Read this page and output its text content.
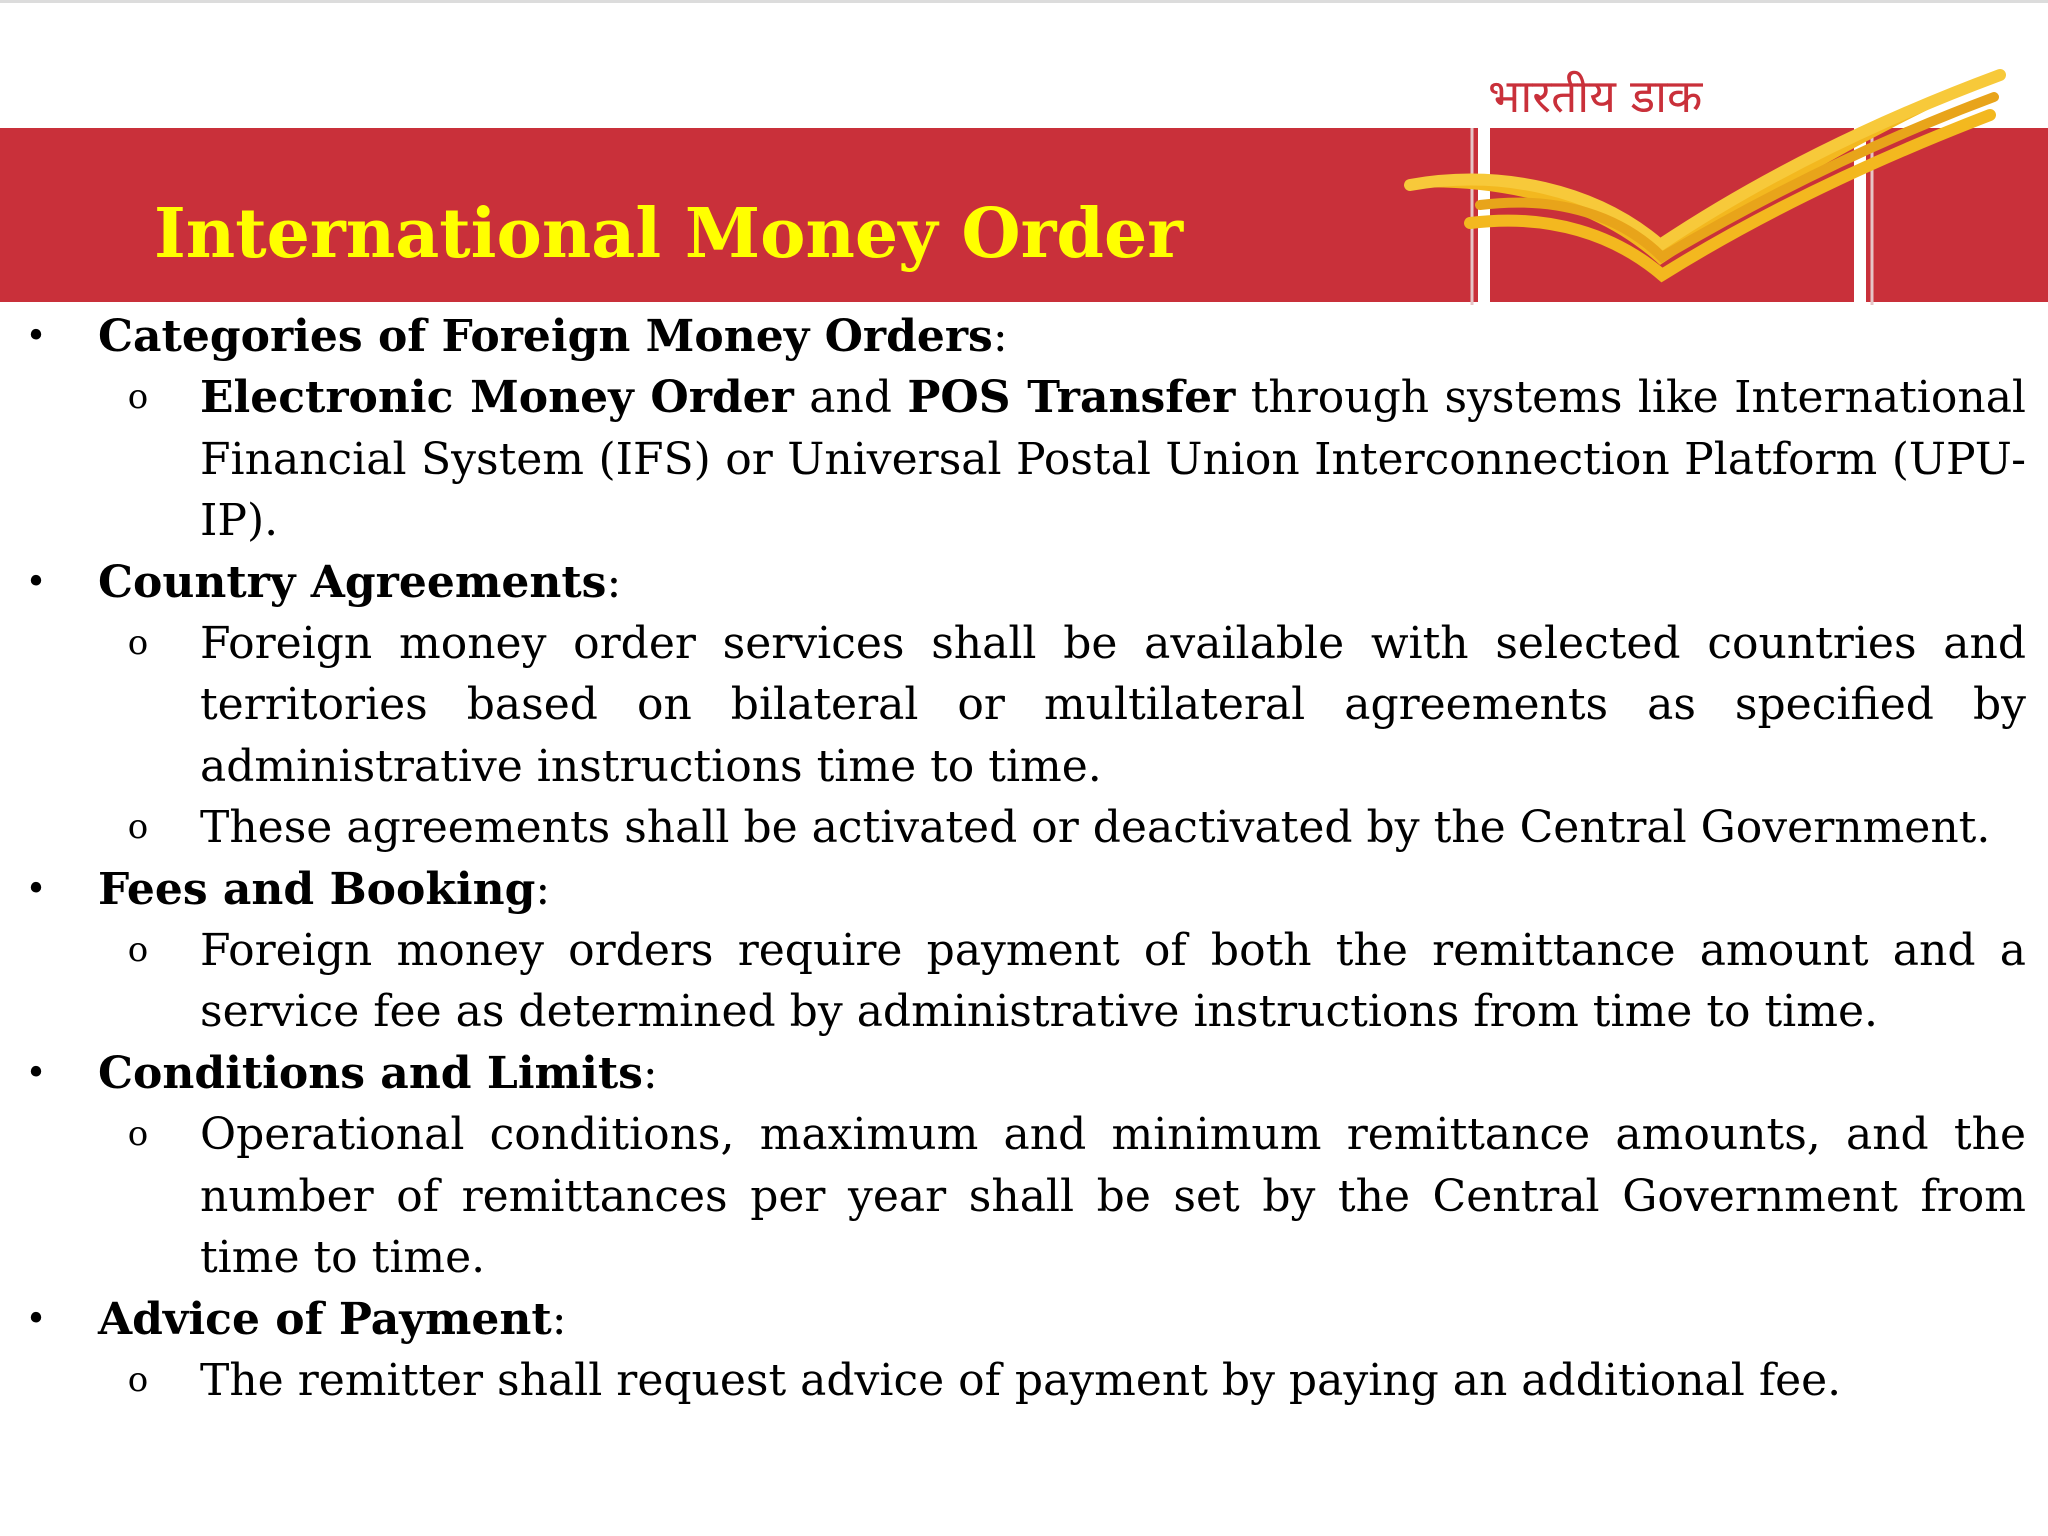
International Money Order
भारतीय डाक
• Categories of Foreign Money Orders:
o Electronic Money Order and POS Transfer through systems like International Financial System (IFS) or Universal Postal Union Interconnection Platform (UPU-IP).
• Country Agreements:
o Foreign money order services shall be available with selected countries and territories based on bilateral or multilateral agreements as specified by administrative instructions time to time.
o These agreements shall be activated or deactivated by the Central Government.
• Fees and Booking:
o Foreign money orders require payment of both the remittance amount and a service fee as determined by administrative instructions from time to time.
• Conditions and Limits:
o Operational conditions, maximum and minimum remittance amounts, and the number of remittances per year shall be set by the Central Government from time to time.
• Advice of Payment:
o The remitter shall request advice of payment by paying an additional fee.
